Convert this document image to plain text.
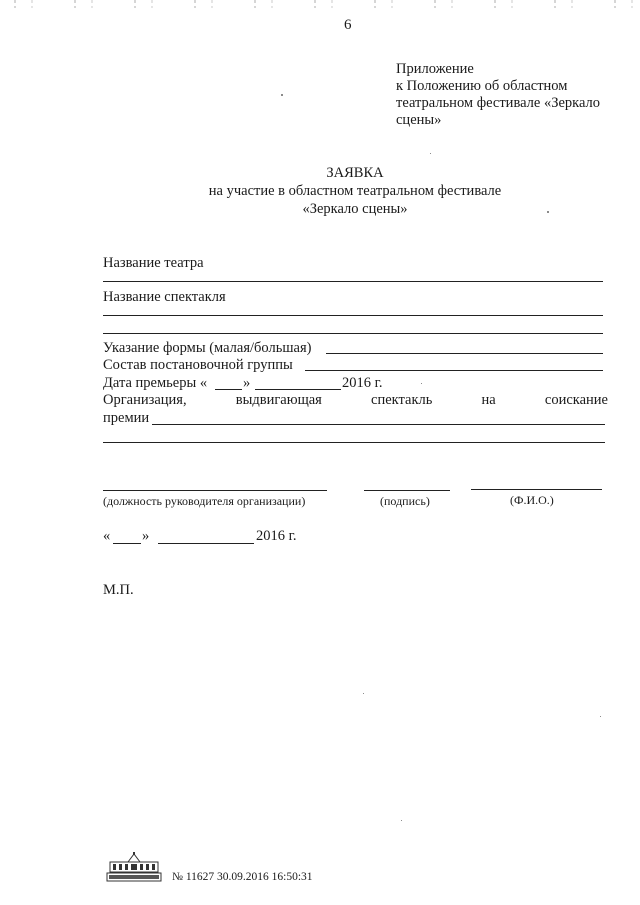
6
Приложение
к Положению об областном
театральном фестивале «Зеркало
сцены»
ЗАЯВКА
на участие в областном театральном фестивале
«Зеркало сцены»
Название театра
Название спектакля
Указание формы (малая/большая)
Состав постановочной группы
Дата премьеры « »	2016 г.
Организация,	выдвигающая	спектакль	на	соискание
премии
(должность руководителя организации)	(подпись)	(Ф.И.О.)
« »	2016 г.
М.П.
№ 11627 30.09.2016 16:50:31
